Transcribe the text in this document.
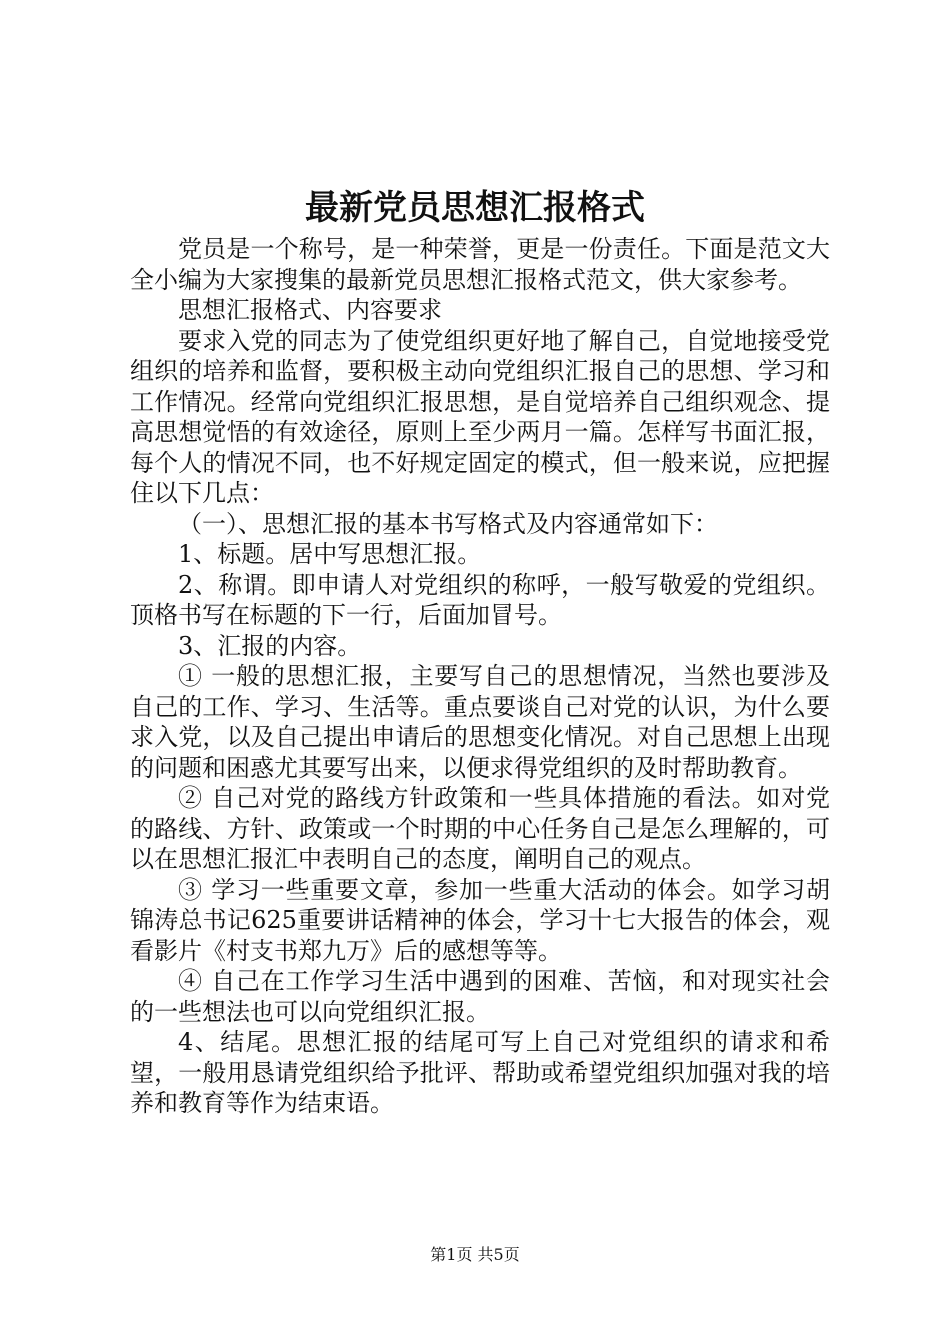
最新党员思想汇报格式

党员是一个称号，是一种荣誉，更是一份责任。下面是范文大全小编为大家搜集的最新党员思想汇报格式范文，供大家参考。

思想汇报格式、内容要求

要求入党的同志为了使党组织更好地了解自己，自觉地接受党组织的培养和监督，要积极主动向党组织汇报自己的思想、学习和工作情况。经常向党组织汇报思想，是自觉培养自己组织观念、提高思想觉悟的有效途径，原则上至少两月一篇。怎样写书面汇报，每个人的情况不同，也不好规定固定的模式，但一般来说，应把握住以下几点：

（一）、思想汇报的基本书写格式及内容通常如下：

1、标题。居中写思想汇报。

2、称谓。即申请人对党组织的称呼，一般写敬爱的党组织。顶格书写在标题的下一行，后面加冒号。

3、汇报的内容。

① 一般的思想汇报，主要写自己的思想情况，当然也要涉及自己的工作、学习、生活等。重点要谈自己对党的认识，为什么要求入党，以及自己提出申请后的思想变化情况。对自己思想上出现的问题和困惑尤其要写出来，以便求得党组织的及时帮助教育。

② 自己对党的路线方针政策和一些具体措施的看法。如对党的路线、方针、政策或一个时期的中心任务自己是怎么理解的，可以在思想汇报汇中表明自己的态度，阐明自己的观点。

③ 学习一些重要文章，参加一些重大活动的体会。如学习胡锦涛总书记625重要讲话精神的体会，学习十七大报告的体会，观看影片《村支书郑九万》后的感想等等。

④ 自己在工作学习生活中遇到的困难、苦恼，和对现实社会的一些想法也可以向党组织汇报。

4、结尾。思想汇报的结尾可写上自己对党组织的请求和希望，一般用恳请党组织给予批评、帮助或希望党组织加强对我的培养和教育等作为结束语。

第1页 共5页
